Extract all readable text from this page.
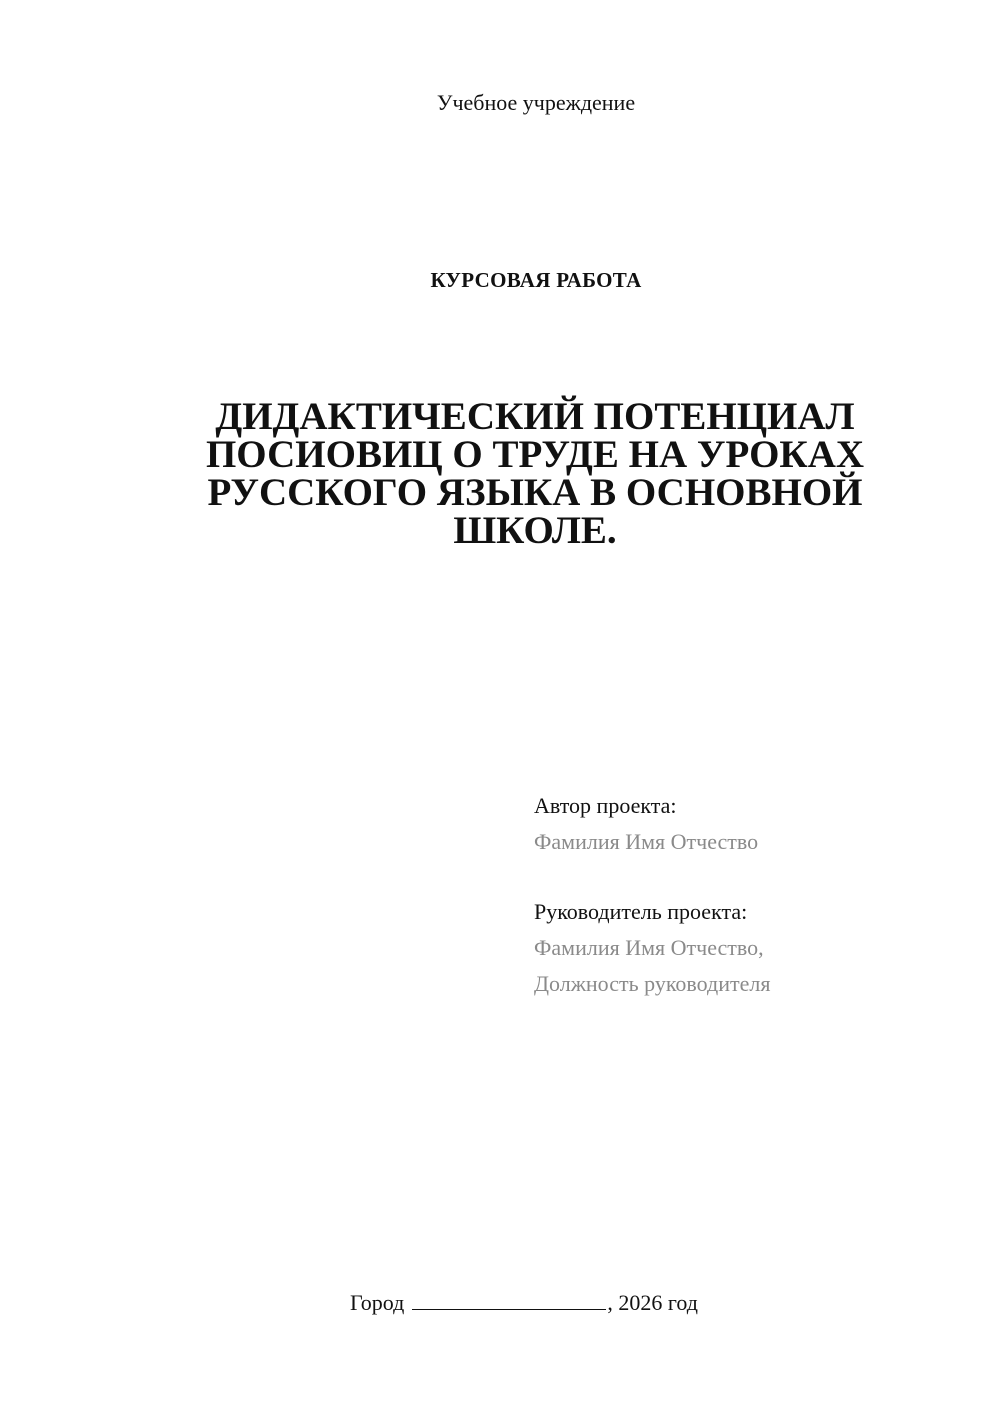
Учебное учреждение
КУРСОВАЯ РАБОТА
ДИДАКТИЧЕСКИЙ ПОТЕНЦИАЛ
ПОСИОВИЦ О ТРУДЕ НА УРОКАХ
РУССКОГО ЯЗЫКА В ОСНОВНОЙ
ШКОЛЕ.
Автор проекта:
Фамилия Имя Отчество
Руководитель проекта:
Фамилия Имя Отчество,
Должность руководителя
Город	, 2026 год
